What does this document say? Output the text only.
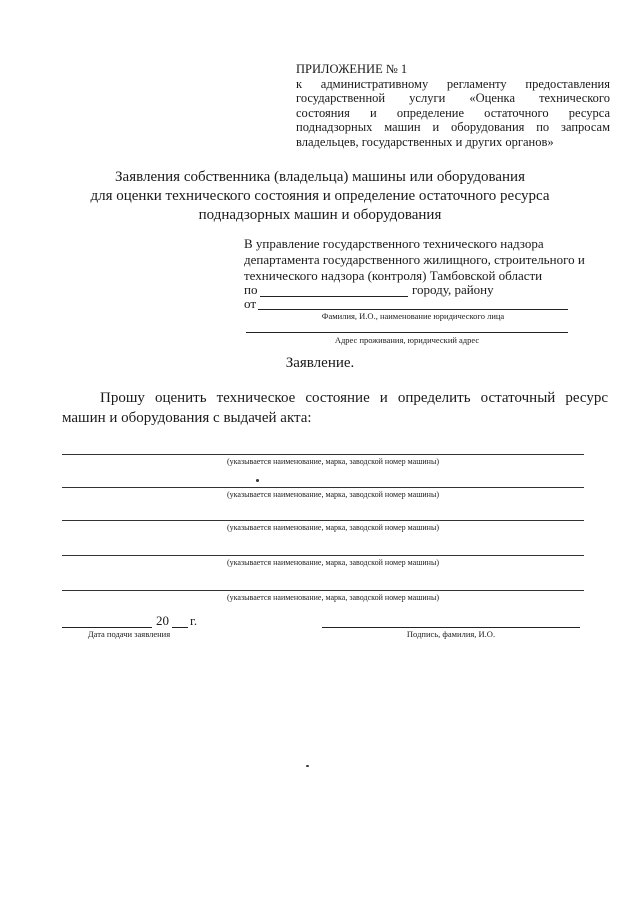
ПРИЛОЖЕНИЕ № 1
к административному регламенту предоставления
государственной услуги «Оценка технического
состояния и определение остаточного ресурса
поднадзорных машин и оборудования по запросам
владельцев, государственных и других органов»
Заявления собственника (владельца) машины или оборудования
для оценки технического состояния и определение остаточного ресурса
поднадзорных машин и оборудования
В управление государственного технического надзора
департамента государственного жилищного, строительного и
технического надзора (контроля) Тамбовской области
по	городу, району
от
Фамилия, И.О., наименование юридического лица
Адрес проживания, юридический адрес
Заявление.
Прошу оценить техническое состояние и определить остаточный ресурс
машин и оборудования с выдачей акта:
(указывается наименование, марка, заводской номер машины)
(указывается наименование, марка, заводской номер машины)
(указывается наименование, марка, заводской номер машины)
(указывается наименование, марка, заводской номер машины)
(указывается наименование, марка, заводской номер машины)
20 г.
Дата подачи заявления	Подпись, фамилия, И.О.
